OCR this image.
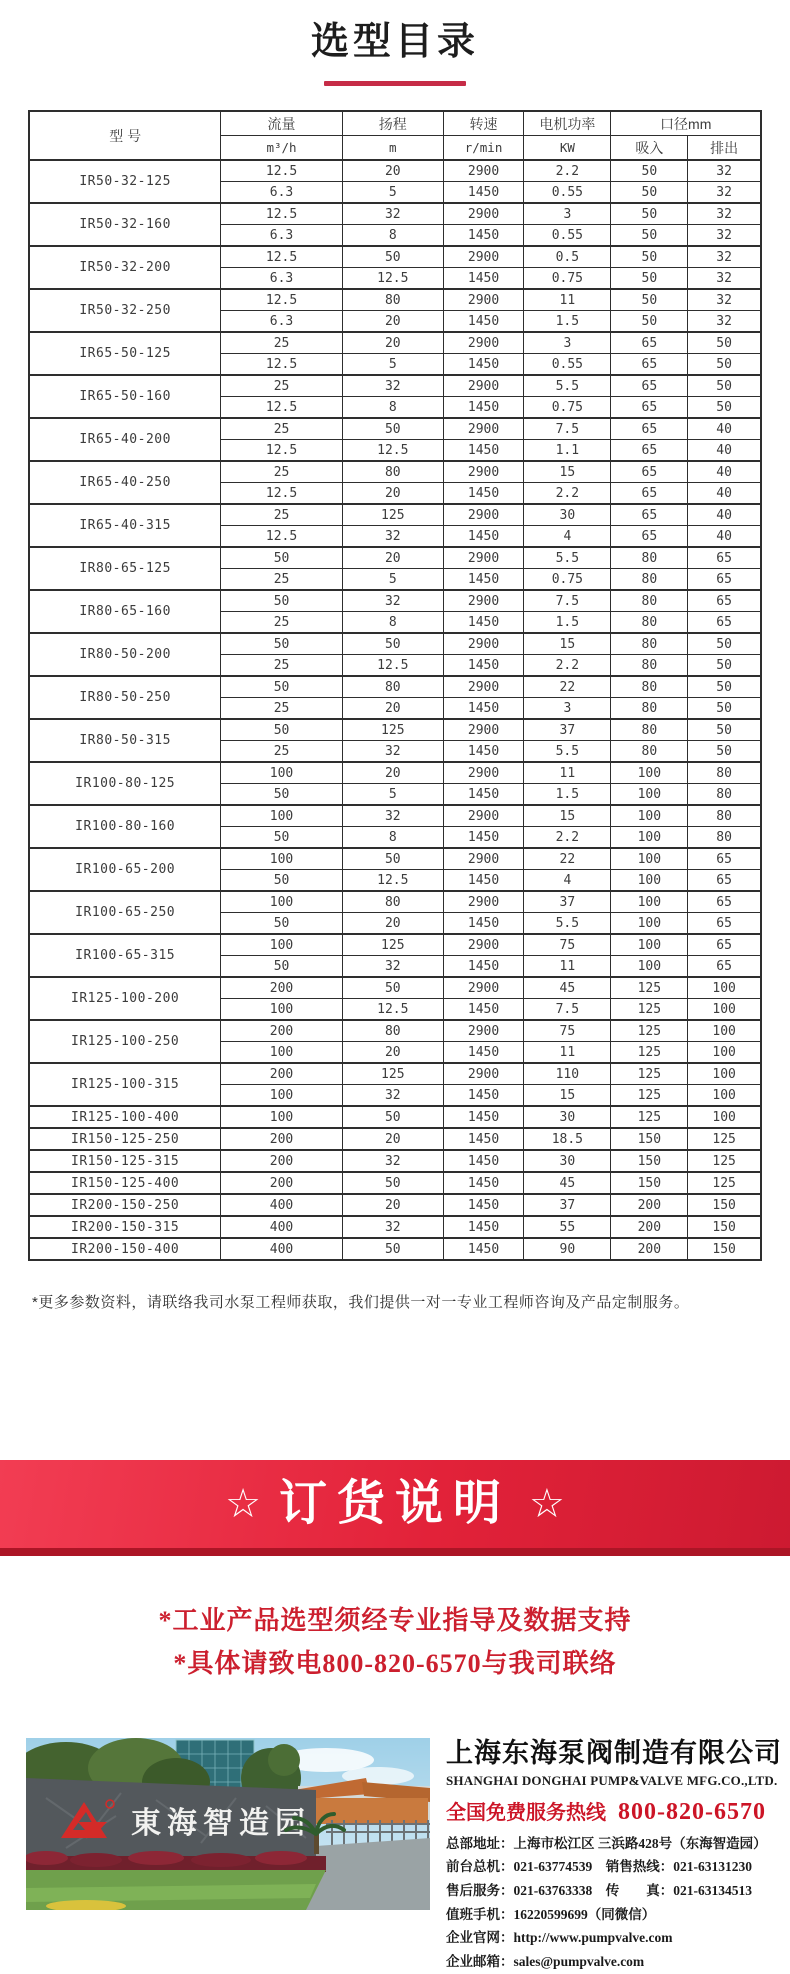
选型目录
型 号	流量	扬程	转速	电机功率	口径mm	
	m³/h	m	r/min	KW	吸入	排出
IR50-32-125	12.5	20	2900	2.2	50	32
	6.3	5	1450	0.55	50	32
IR50-32-160	12.5	32	2900	3	50	32
	6.3	8	1450	0.55	50	32
IR50-32-200	12.5	50	2900	0.5	50	32
	6.3	12.5	1450	0.75	50	32
IR50-32-250	12.5	80	2900	11	50	32
	6.3	20	1450	1.5	50	32
IR65-50-125	25	20	2900	3	65	50
	12.5	5	1450	0.55	65	50
IR65-50-160	25	32	2900	5.5	65	50
	12.5	8	1450	0.75	65	50
IR65-40-200	25	50	2900	7.5	65	40
	12.5	12.5	1450	1.1	65	40
IR65-40-250	25	80	2900	15	65	40
	12.5	20	1450	2.2	65	40
IR65-40-315	25	125	2900	30	65	40
	12.5	32	1450	4	65	40
IR80-65-125	50	20	2900	5.5	80	65
	25	5	1450	0.75	80	65
IR80-65-160	50	32	2900	7.5	80	65
	25	8	1450	1.5	80	65
IR80-50-200	50	50	2900	15	80	50
	25	12.5	1450	2.2	80	50
IR80-50-250	50	80	2900	22	80	50
	25	20	1450	3	80	50
IR80-50-315	50	125	2900	37	80	50
	25	32	1450	5.5	80	50
IR100-80-125	100	20	2900	11	100	80
	50	5	1450	1.5	100	80
IR100-80-160	100	32	2900	15	100	80
	50	8	1450	2.2	100	80
IR100-65-200	100	50	2900	22	100	65
	50	12.5	1450	4	100	65
IR100-65-250	100	80	2900	37	100	65
	50	20	1450	5.5	100	65
IR100-65-315	100	125	2900	75	100	65
	50	32	1450	11	100	65
IR125-100-200	200	50	2900	45	125	100
	100	12.5	1450	7.5	125	100
IR125-100-250	200	80	2900	75	125	100
	100	20	1450	11	125	100
IR125-100-315	200	125	2900	110	125	100
	100	32	1450	15	125	100
IR125-100-400	100	50	1450	30	125	100
IR150-125-250	200	20	1450	18.5	150	125
IR150-125-315	200	32	1450	30	150	125
IR150-125-400	200	50	1450	45	150	125
IR200-150-250	400	20	1450	37	200	150
IR200-150-315	400	32	1450	55	200	150
IR200-150-400	400	50	1450	90	200	150
*更多参数资料，请联络我司水泵工程师获取，我们提供一对一专业工程师咨询及产品定制服务。
☆ 订货说明 ☆
*工业产品选型须经专业指导及数据支持
*具体请致电800-820-6570与我司联络
東海智造园
上海东海泵阀制造有限公司
SHANGHAI DONGHAI PUMP&VALVE MFG.CO.,LTD.
全国免费服务热线 800-820-6570
总部地址：上海市松江区 三浜路428号（东海智造园）
前台总机：021-63774539　销售热线：021-63131230
售后服务：021-63763338　传　　真：021-63134513
值班手机：16220599699（同微信）
企业官网：http://www.pumpvalve.com
企业邮箱：sales@pumpvalve.com
